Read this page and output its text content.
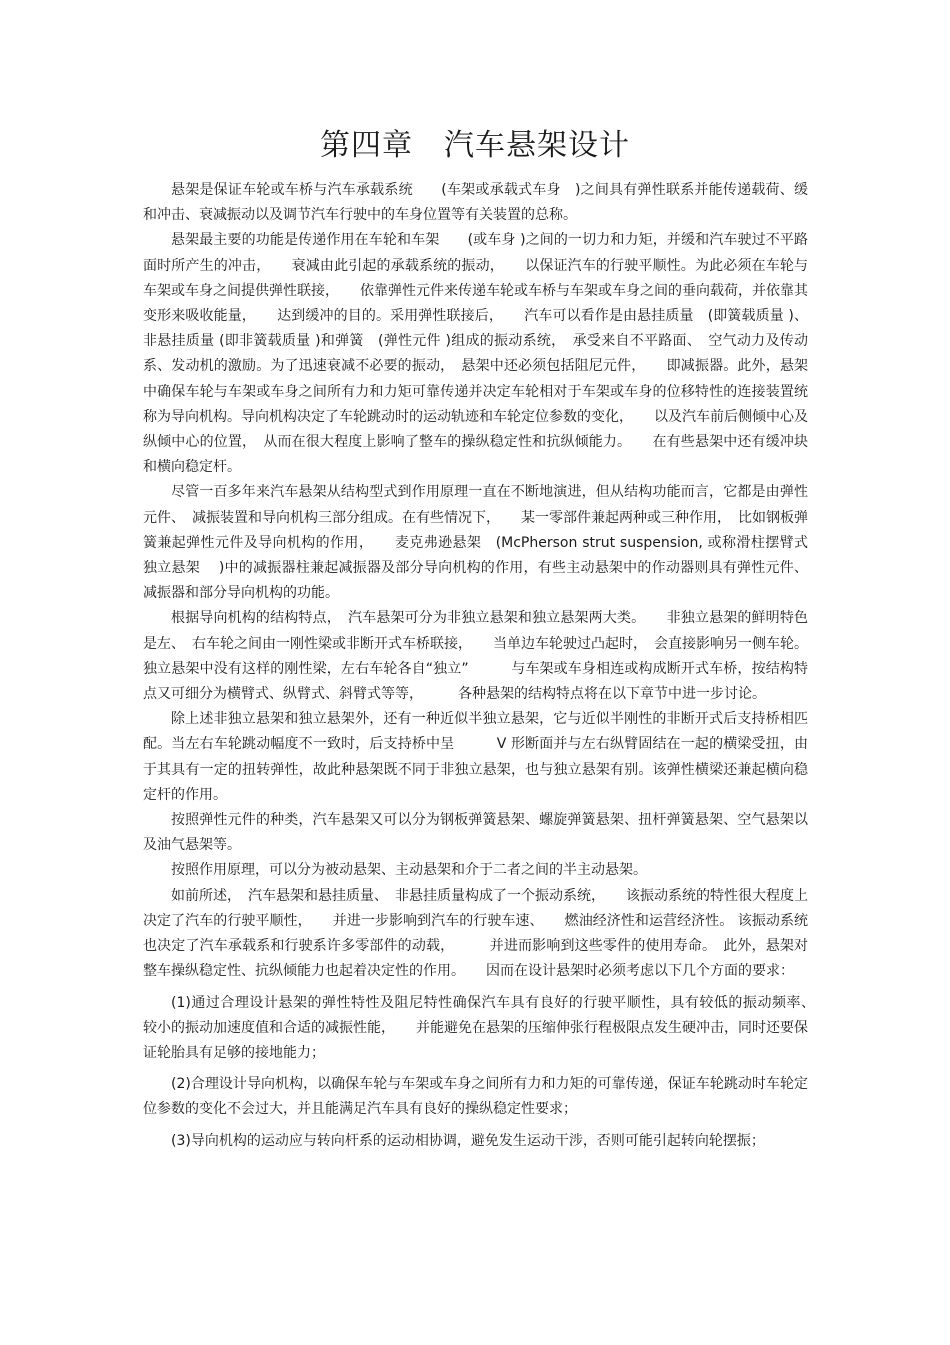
第四章　汽车悬架设计

悬架是保证车轮或车桥与汽车承载系统　　(车架或承载式车身　)之间具有弹性联系并能传递载荷、缓和冲击、衰减振动以及调节汽车行驶中的车身位置等有关装置的总称。

悬架最主要的功能是传递作用在车轮和车架　　(或车身 )之间的一切力和力矩，并缓和汽车驶过不平路面时所产生的冲击，　　衰减由此引起的承载系统的振动，　　以保证汽车的行驶平顺性。为此必须在车轮与车架或车身之间提供弹性联接，　　依靠弹性元件来传递车轮或车桥与车架或车身之间的垂向载荷，并依靠其变形来吸收能量，　　达到缓冲的目的。采用弹性联接后，　　汽车可以看作是由悬挂质量　(即簧载质量 )、非悬挂质量 (即非簧载质量 )和弹簧　(弹性元件 )组成的振动系统，　承受来自不平路面、　空气动力及传动系、发动机的激励。为了迅速衰减不必要的振动，　悬架中还必须包括阻尼元件，　　即减振器。此外，悬架中确保车轮与车架或车身之间所有力和力矩可靠传递并决定车轮相对于车架或车身的位移特性的连接装置统称为导向机构。导向机构决定了车轮跳动时的运动轨迹和车轮定位参数的变化，　　以及汽车前后侧倾中心及纵倾中心的位置，　从而在很大程度上影响了整车的操纵稳定性和抗纵倾能力。　　在有些悬架中还有缓冲块和横向稳定杆。

尽管一百多年来汽车悬架从结构型式到作用原理一直在不断地演进，但从结构功能而言，它都是由弹性元件、　减振装置和导向机构三部分组成。在有些情况下，　　某一零部件兼起两种或三种作用，　比如钢板弹簧兼起弹性元件及导向机构的作用，　　麦克弗逊悬架　(McPherson strut suspension, 或称滑柱摆臂式独立悬架　 )中的减振器柱兼起减振器及部分导向机构的作用，有些主动悬架中的作动器则具有弹性元件、减振器和部分导向机构的功能。

根据导向机构的结构特点，　汽车悬架可分为非独立悬架和独立悬架两大类。　　非独立悬架的鲜明特色是左、　右车轮之间由一刚性梁或非断开式车桥联接，　　当单边车轮驶过凸起时，　会直接影响另一侧车轮。独立悬架中没有这样的刚性梁，左右车轮各自“独立”　　　与车架或车身相连或构成断开式车桥，按结构特点又可细分为横臂式、纵臂式、斜臂式等等，　　　各种悬架的结构特点将在以下章节中进一步讨论。

除上述非独立悬架和独立悬架外，还有一种近似半独立悬架，它与近似半刚性的非断开式后支持桥相匹配。当左右车轮跳动幅度不一致时，后支持桥中呈　　　V 形断面并与左右纵臂固结在一起的横梁受扭，由于其具有一定的扭转弹性，故此种悬架既不同于非独立悬架，也与独立悬架有别。该弹性横梁还兼起横向稳定杆的作用。

按照弹性元件的种类，汽车悬架又可以分为钢板弹簧悬架、螺旋弹簧悬架、扭杆弹簧悬架、空气悬架以及油气悬架等。

按照作用原理，可以分为被动悬架、主动悬架和介于二者之间的半主动悬架。

如前所述，　汽车悬架和悬挂质量、　非悬挂质量构成了一个振动系统，　　该振动系统的特性很大程度上决定了汽车的行驶平顺性，　　并进一步影响到汽车的行驶车速、　　燃油经济性和运营经济性。 该振动系统也决定了汽车承载系和行驶系许多零部件的动载，　　　并进而影响到这些零件的使用寿命。　此外，悬架对整车操纵稳定性、抗纵倾能力也起着决定性的作用。　　因而在设计悬架时必须考虑以下几个方面的要求：

(1)通过合理设计悬架的弹性特性及阻尼特性确保汽车具有良好的行驶平顺性，具有较低的振动频率、　较小的振动加速度值和合适的减振性能，　　并能避免在悬架的压缩伸张行程极限点发生硬冲击，同时还要保证轮胎具有足够的接地能力；

(2)合理设计导向机构，以确保车轮与车架或车身之间所有力和力矩的可靠传递，保证车轮跳动时车轮定位参数的变化不会过大，并且能满足汽车具有良好的操纵稳定性要求；

(3)导向机构的运动应与转向杆系的运动相协调，避免发生运动干涉，否则可能引起转向轮摆振；
